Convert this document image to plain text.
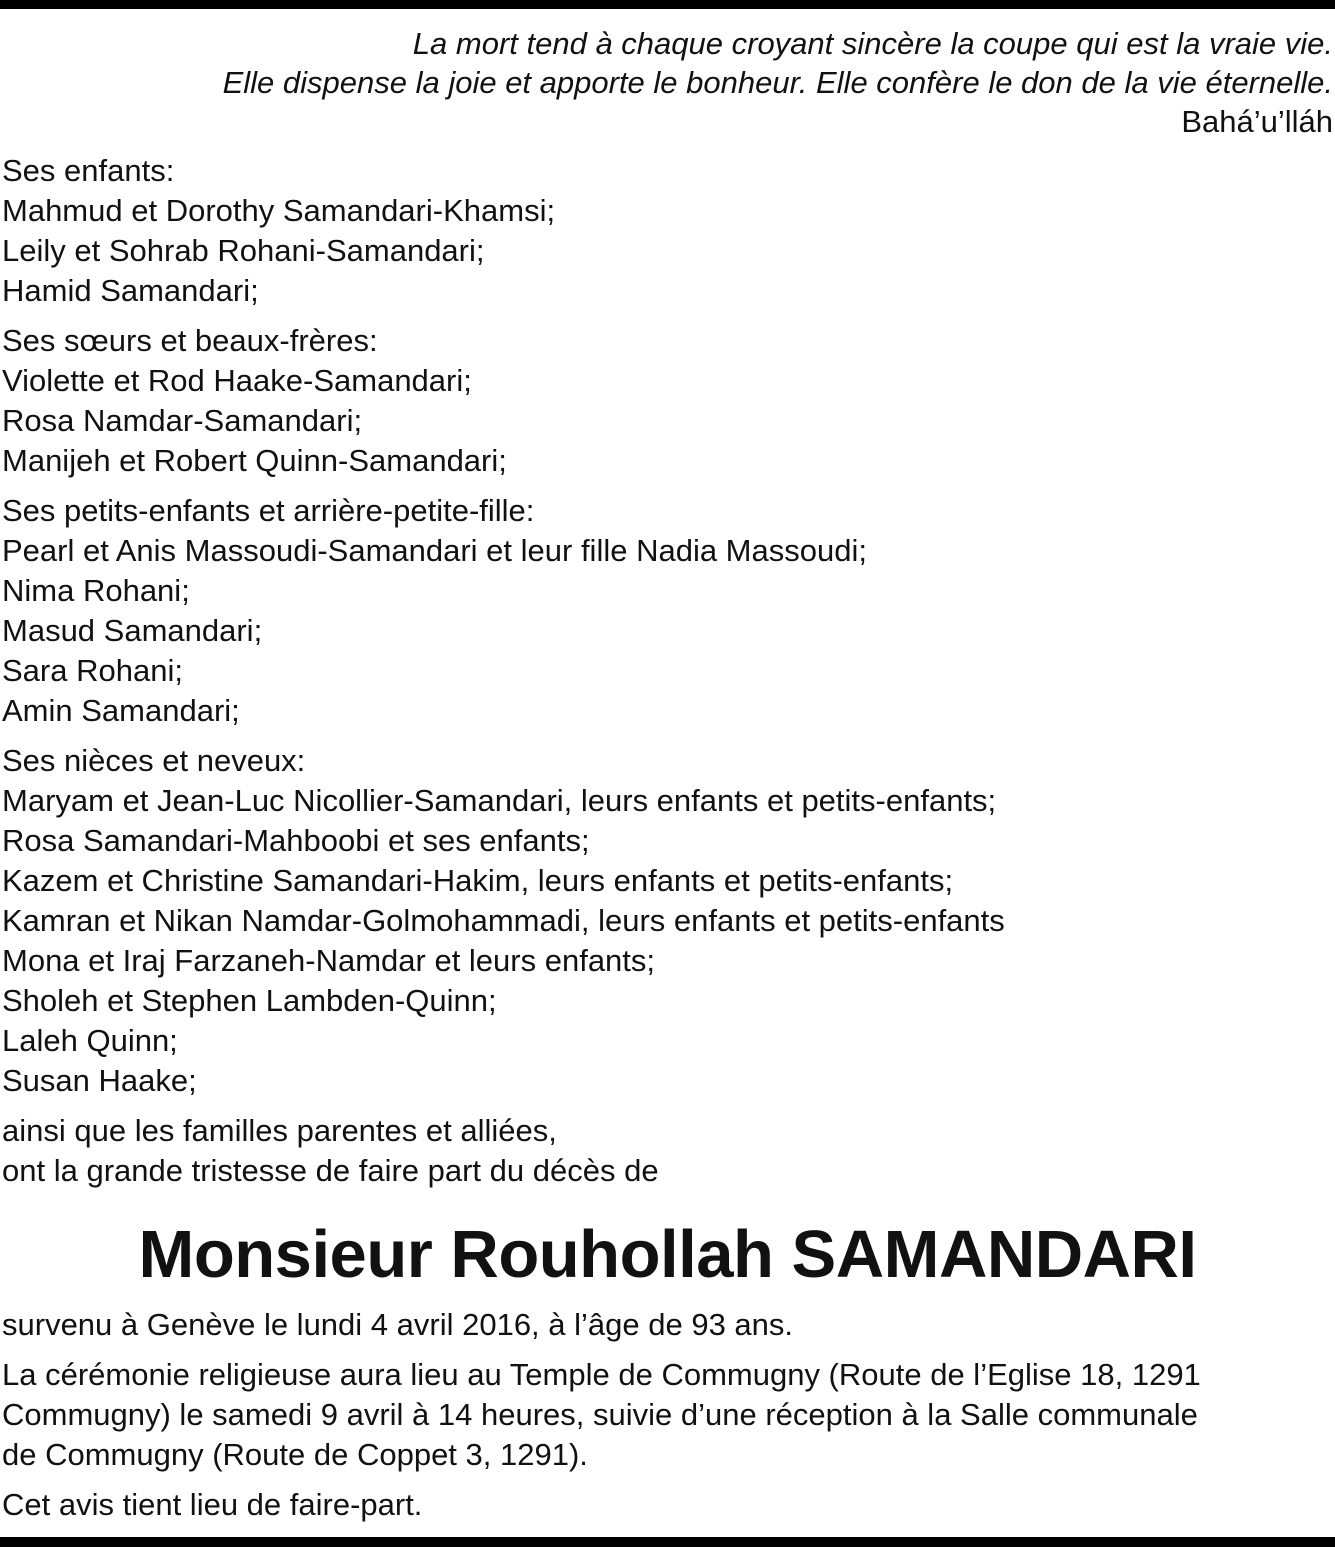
La mort tend à chaque croyant sincère la coupe qui est la vraie vie.
Elle dispense la joie et apporte le bonheur. Elle confère le don de la vie éternelle.
Bahá’u’lláh

Ses enfants:

Mahmud et Dorothy Samandari-Khamsi;

Leily et Sohrab Rohani-Samandari;

Hamid Samandari;

Ses sœurs et beaux-frères:

Violette et Rod Haake-Samandari;

Rosa Namdar-Samandari;

Manijeh et Robert Quinn-Samandari;

Ses petits-enfants et arrière-petite-fille:

Pearl et Anis Massoudi-Samandari et leur fille Nadia Massoudi;

Nima Rohani;

Masud Samandari;

Sara Rohani;

Amin Samandari;

Ses nièces et neveux:

Maryam et Jean-Luc Nicollier-Samandari, leurs enfants et petits-enfants;

Rosa Samandari-Mahboobi et ses enfants;

Kazem et Christine Samandari-Hakim, leurs enfants et petits-enfants;

Kamran et Nikan Namdar-Golmohammadi, leurs enfants et petits-enfants

Mona et Iraj Farzaneh-Namdar et leurs enfants;

Sholeh et Stephen Lambden-Quinn;

Laleh Quinn;

Susan Haake;

ainsi que les familles parentes et alliées,

ont la grande tristesse de faire part du décès de

Monsieur Rouhollah SAMANDARI

survenu à Genève le lundi 4 avril 2016, à l’âge de 93 ans.

La cérémonie religieuse aura lieu au Temple de Commugny (Route de l’Eglise 18, 1291

Commugny) le samedi 9 avril à 14 heures, suivie d’une réception à la Salle communale

de Commugny (Route de Coppet 3, 1291).

Cet avis tient lieu de faire-part.
